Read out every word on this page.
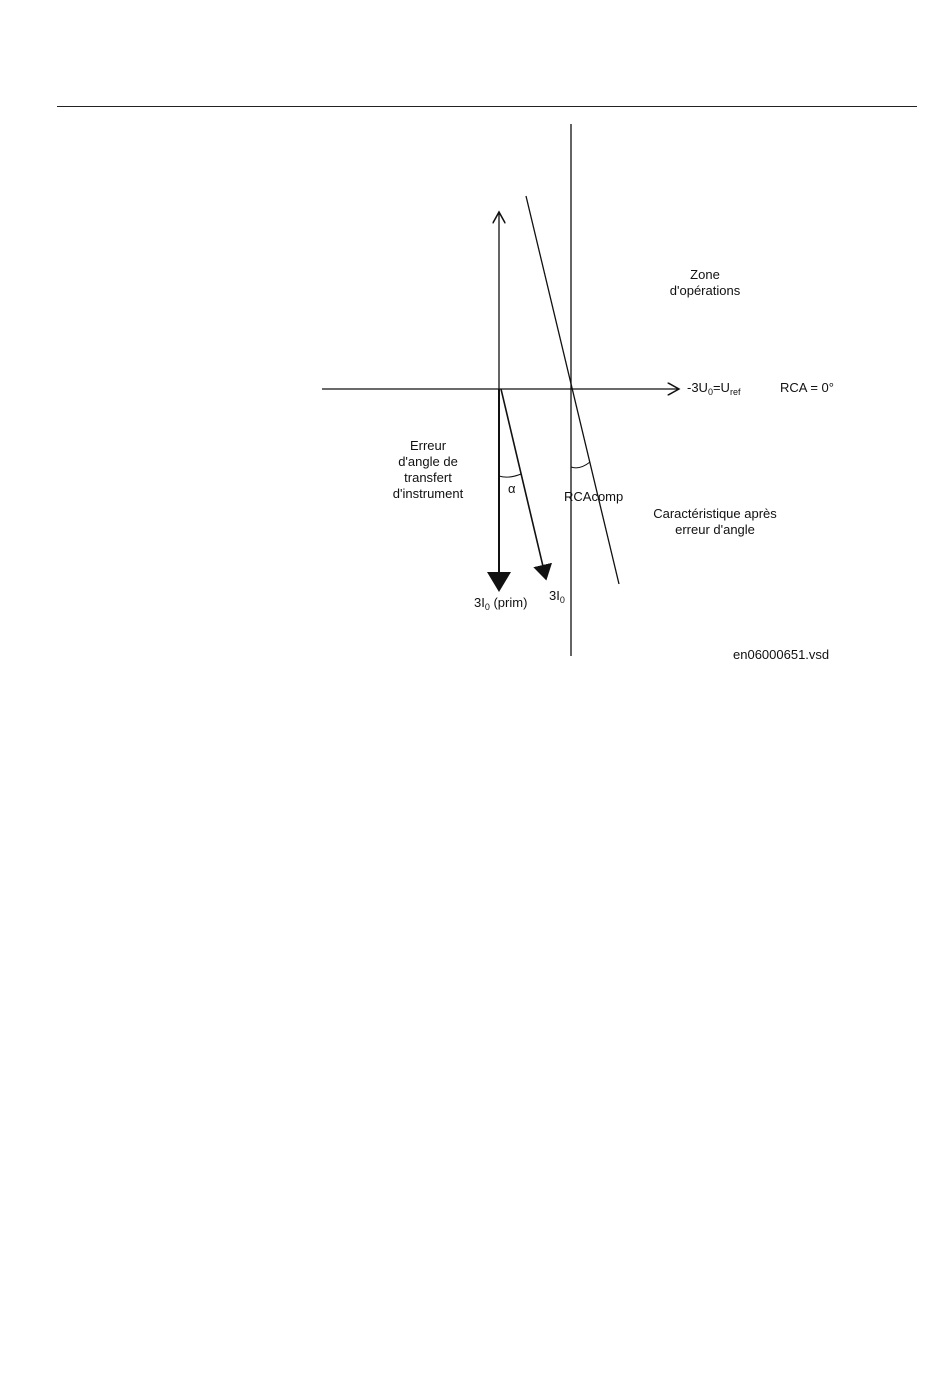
Zone
d'opérations
$-3U_0=U_{ref}$	RCA = 0°
Erreur
d'angle de
transfert
d'instrument	α
RCAcomp
Caractéristique après
erreur d'angle
$3I_0$ (prim) $3I_0$
en06000651.vsd
